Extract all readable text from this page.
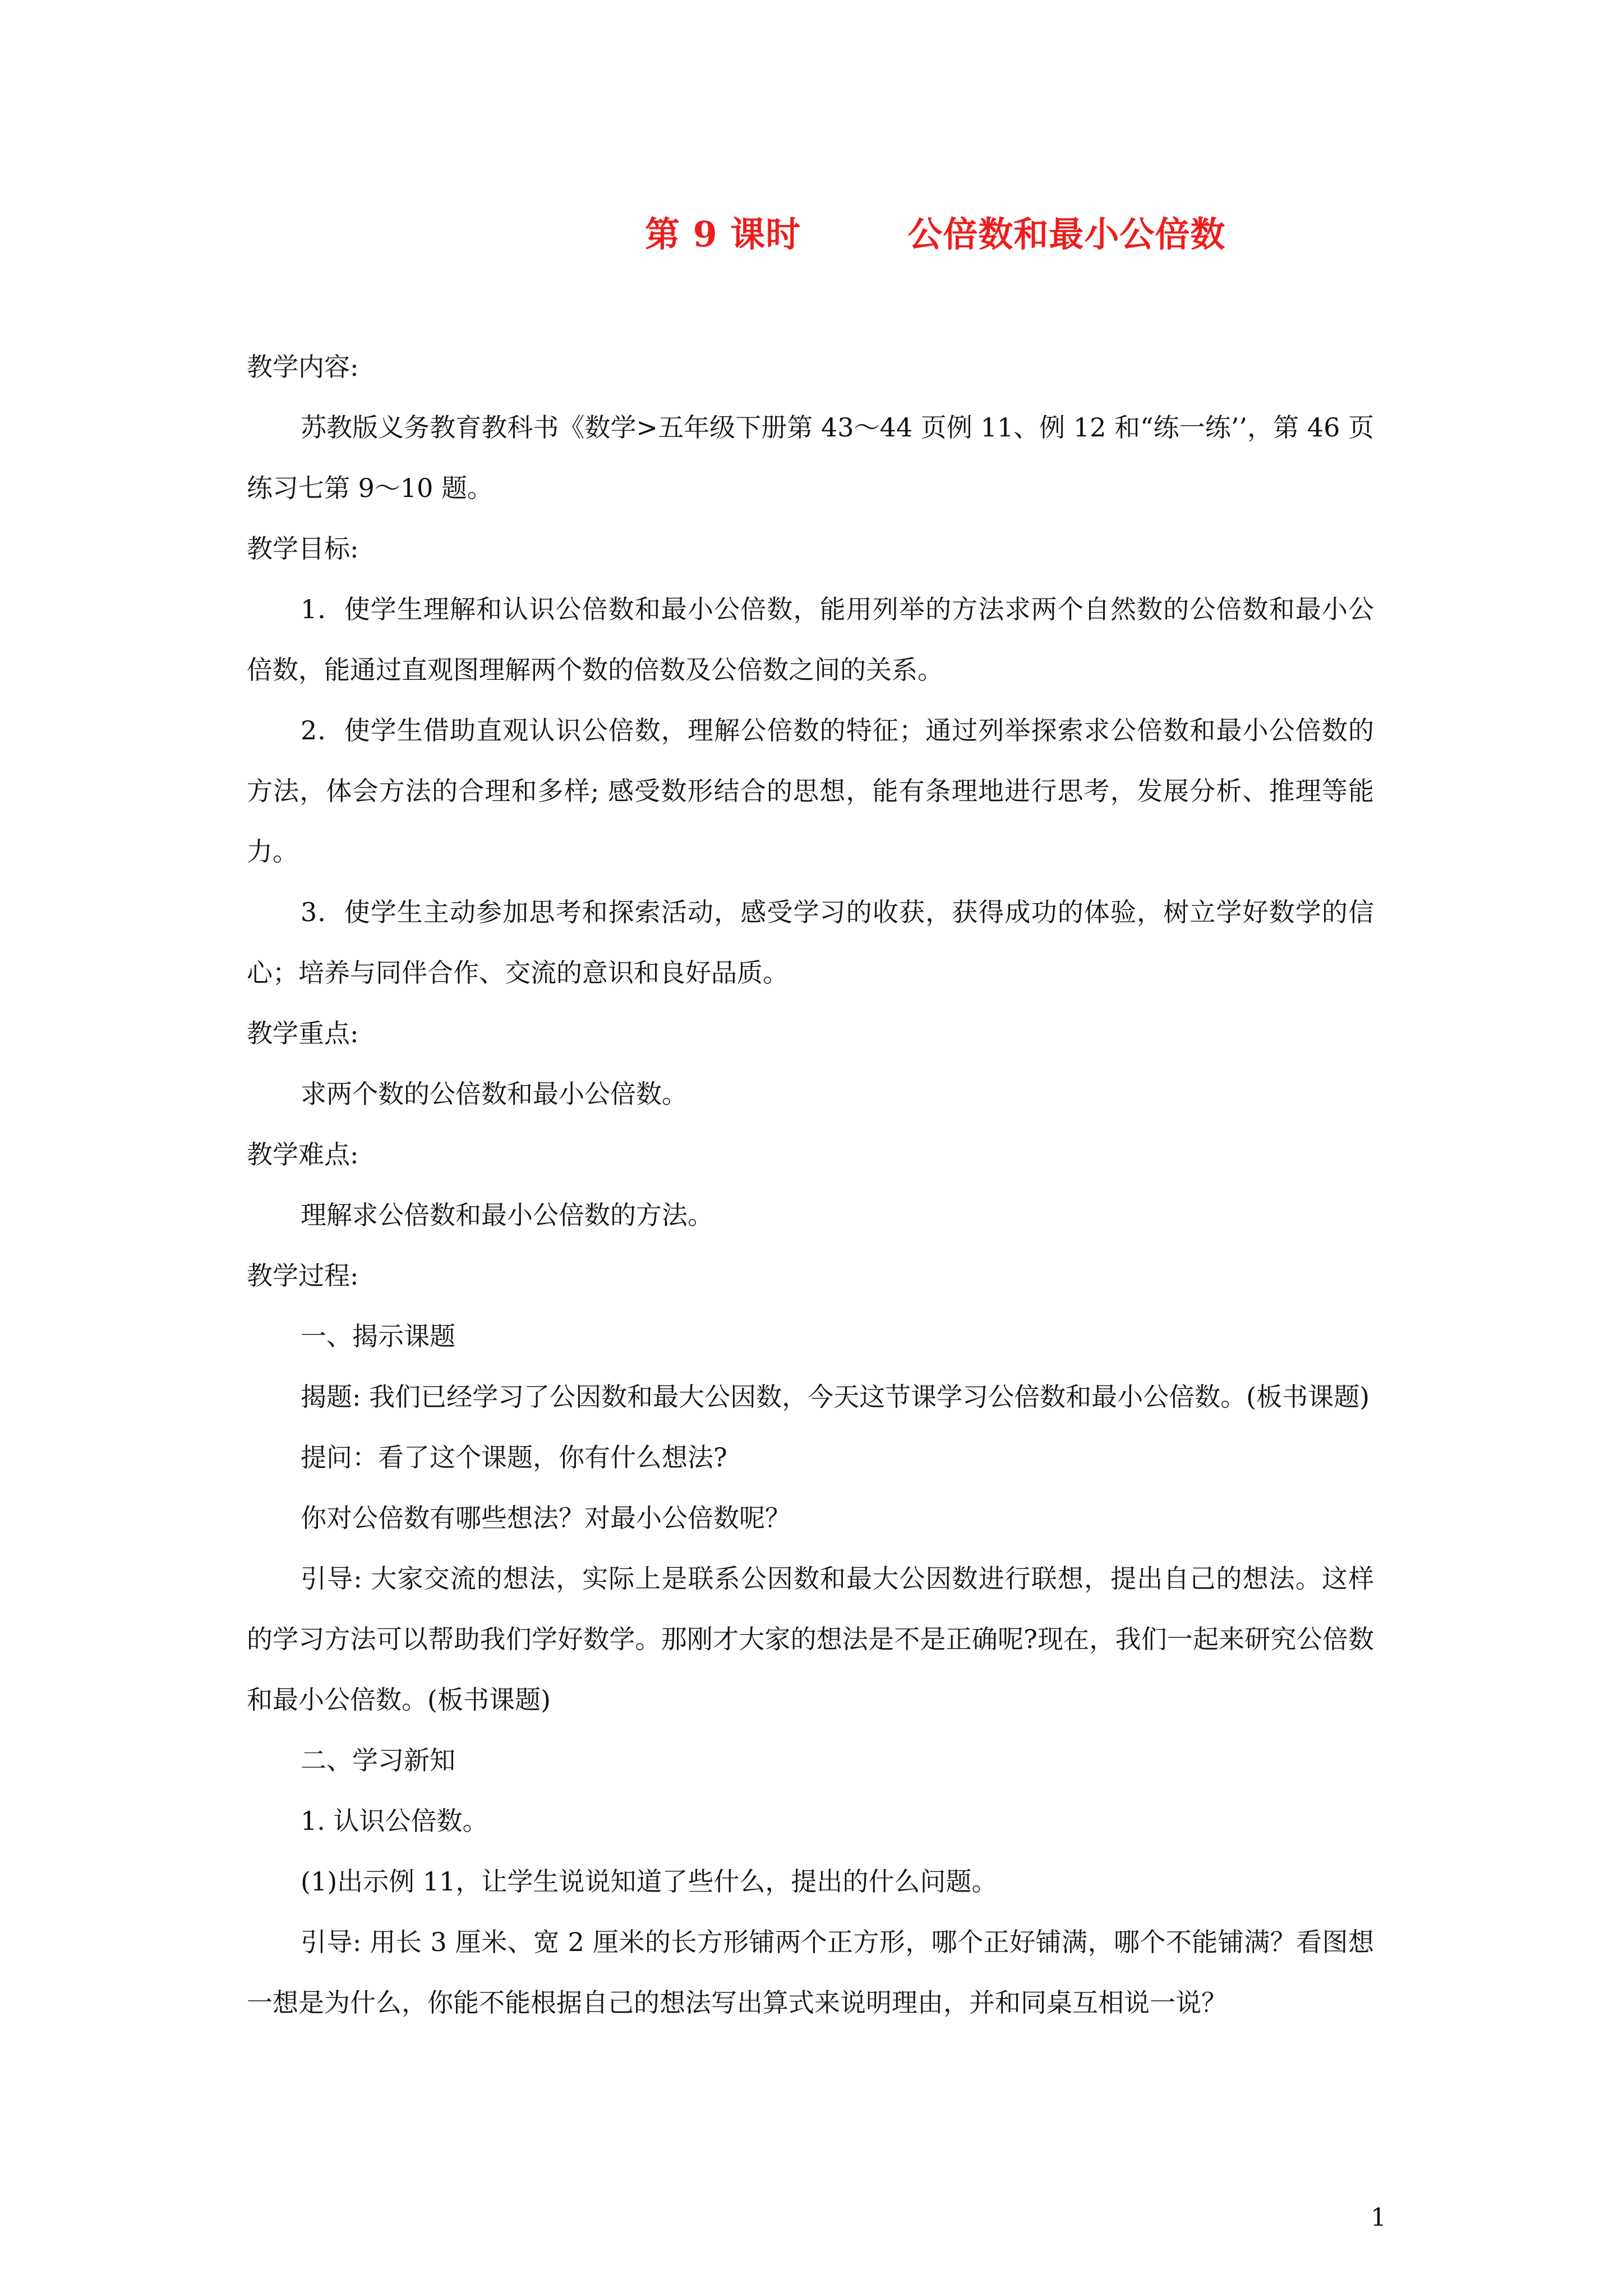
第 9 课时	公倍数和最小公倍数

教学内容:

苏教版义务教育教科书《数学>五年级下册第 43～44 页例 11、例 12 和“练一练’’，第 46 页练习七第 9～10 题。

教学目标:

1．使学生理解和认识公倍数和最小公倍数，能用列举的方法求两个自然数的公倍数和最小公倍数，能通过直观图理解两个数的倍数及公倍数之间的关系。

2．使学生借助直观认识公倍数，理解公倍数的特征；通过列举探索求公倍数和最小公倍数的方法，体会方法的合理和多样; 感受数形结合的思想，能有条理地进行思考，发展分析、推理等能力。

3．使学生主动参加思考和探索活动，感受学习的收获，获得成功的体验，树立学好数学的信心；培养与同伴合作、交流的意识和良好品质。

教学重点:

求两个数的公倍数和最小公倍数。

教学难点:

理解求公倍数和最小公倍数的方法。

教学过程:

一、揭示课题

揭题: 我们已经学习了公因数和最大公因数，今天这节课学习公倍数和最小公倍数。(板书课题)

提问：看了这个课题，你有什么想法?

你对公倍数有哪些想法？对最小公倍数呢？

引导: 大家交流的想法，实际上是联系公因数和最大公因数进行联想，提出自己的想法。这样的学习方法可以帮助我们学好数学。那刚才大家的想法是不是正确呢?现在，我们一起来研究公倍数和最小公倍数。(板书课题)

二、学习新知

1. 认识公倍数。

(1)出示例 11，让学生说说知道了些什么，提出的什么问题。

引导: 用长 3 厘米、宽 2 厘米的长方形铺两个正方形，哪个正好铺满，哪个不能铺满？看图想一想是为什么，你能不能根据自己的想法写出算式来说明理由，并和同桌互相说一说？

1
